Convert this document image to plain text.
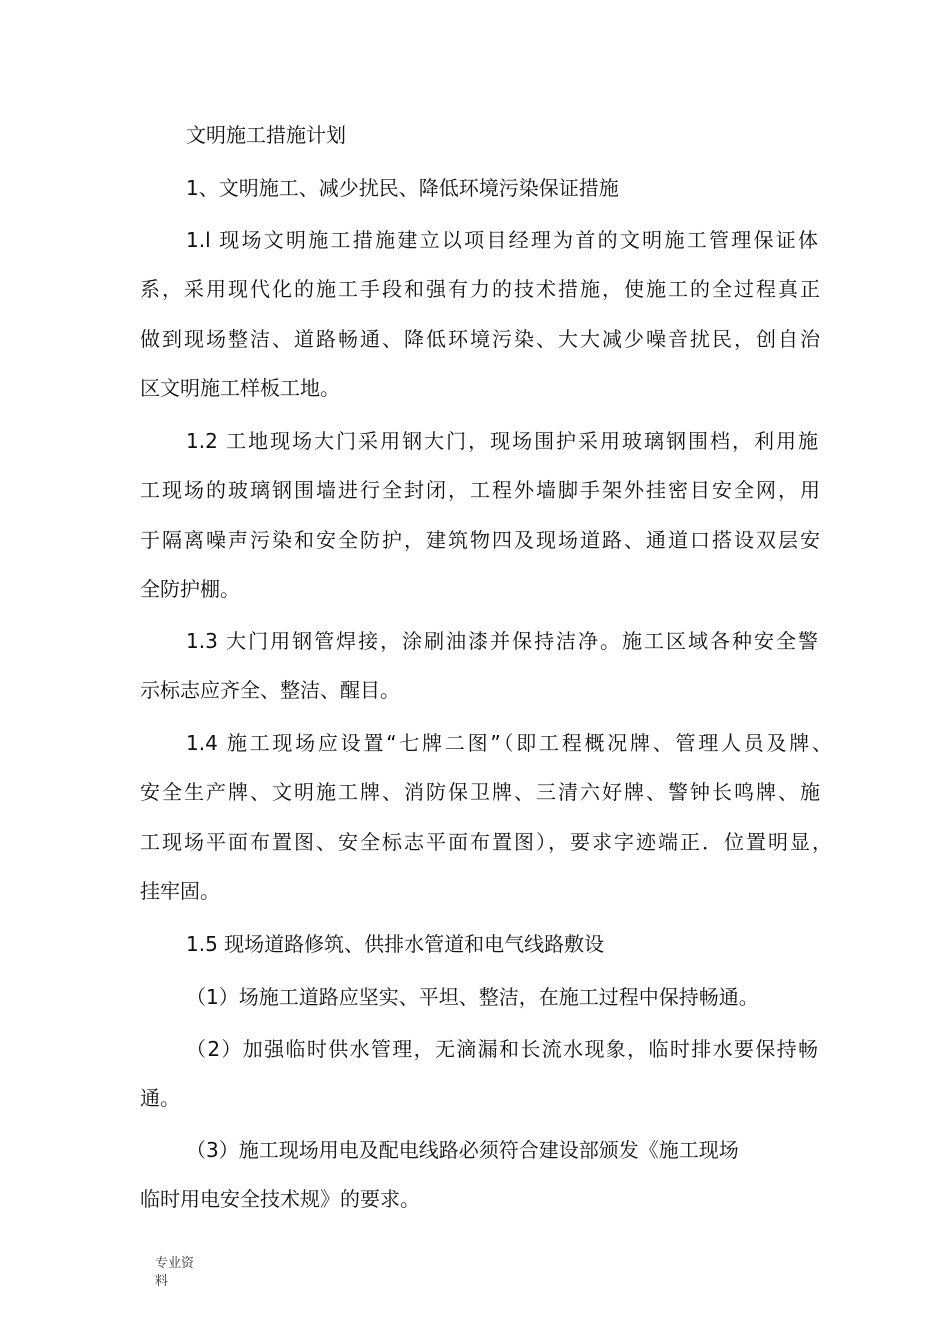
文明施工措施计划

1、文明施工、减少扰民、降低环境污染保证措施

1.l 现场文明施工措施建立以项目经理为首的文明施工管理保证体

系，采用现代化的施工手段和强有力的技术措施，使施工的全过程真正

做到现场整洁、道路畅通、降低环境污染、大大减少噪音扰民，创自治

区文明施工样板工地。

1.2 工地现场大门采用钢大门，现场围护采用玻璃钢围档，利用施

工现场的玻璃钢围墙进行全封闭，工程外墙脚手架外挂密目安全网，用

于隔离噪声污染和安全防护，建筑物四及现场道路、通道口搭设双层安

全防护棚。

1.3 大门用钢管焊接，涂刷油漆并保持洁净。施工区域各种安全警

示标志应齐全、整洁、醒目。

1.4 施工现场应设置“七牌二图”（即工程概况牌、管理人员及牌、

安全生产牌、文明施工牌、消防保卫牌、三清六好牌、警钟长鸣牌、施

工现场平面布置图、安全标志平面布置图），要求字迹端正．位置明显，

挂牢固。

1.5 现场道路修筑、供排水管道和电气线路敷设

（1）场施工道路应坚实、平坦、整洁，在施工过程中保持畅通。

（2）加强临时供水管理，无滴漏和长流水现象，临时排水要保持畅

通。

（3）施工现场用电及配电线路必须符合建设部颁发《施工现场

临时用电安全技术规》的要求。

专业资
料
